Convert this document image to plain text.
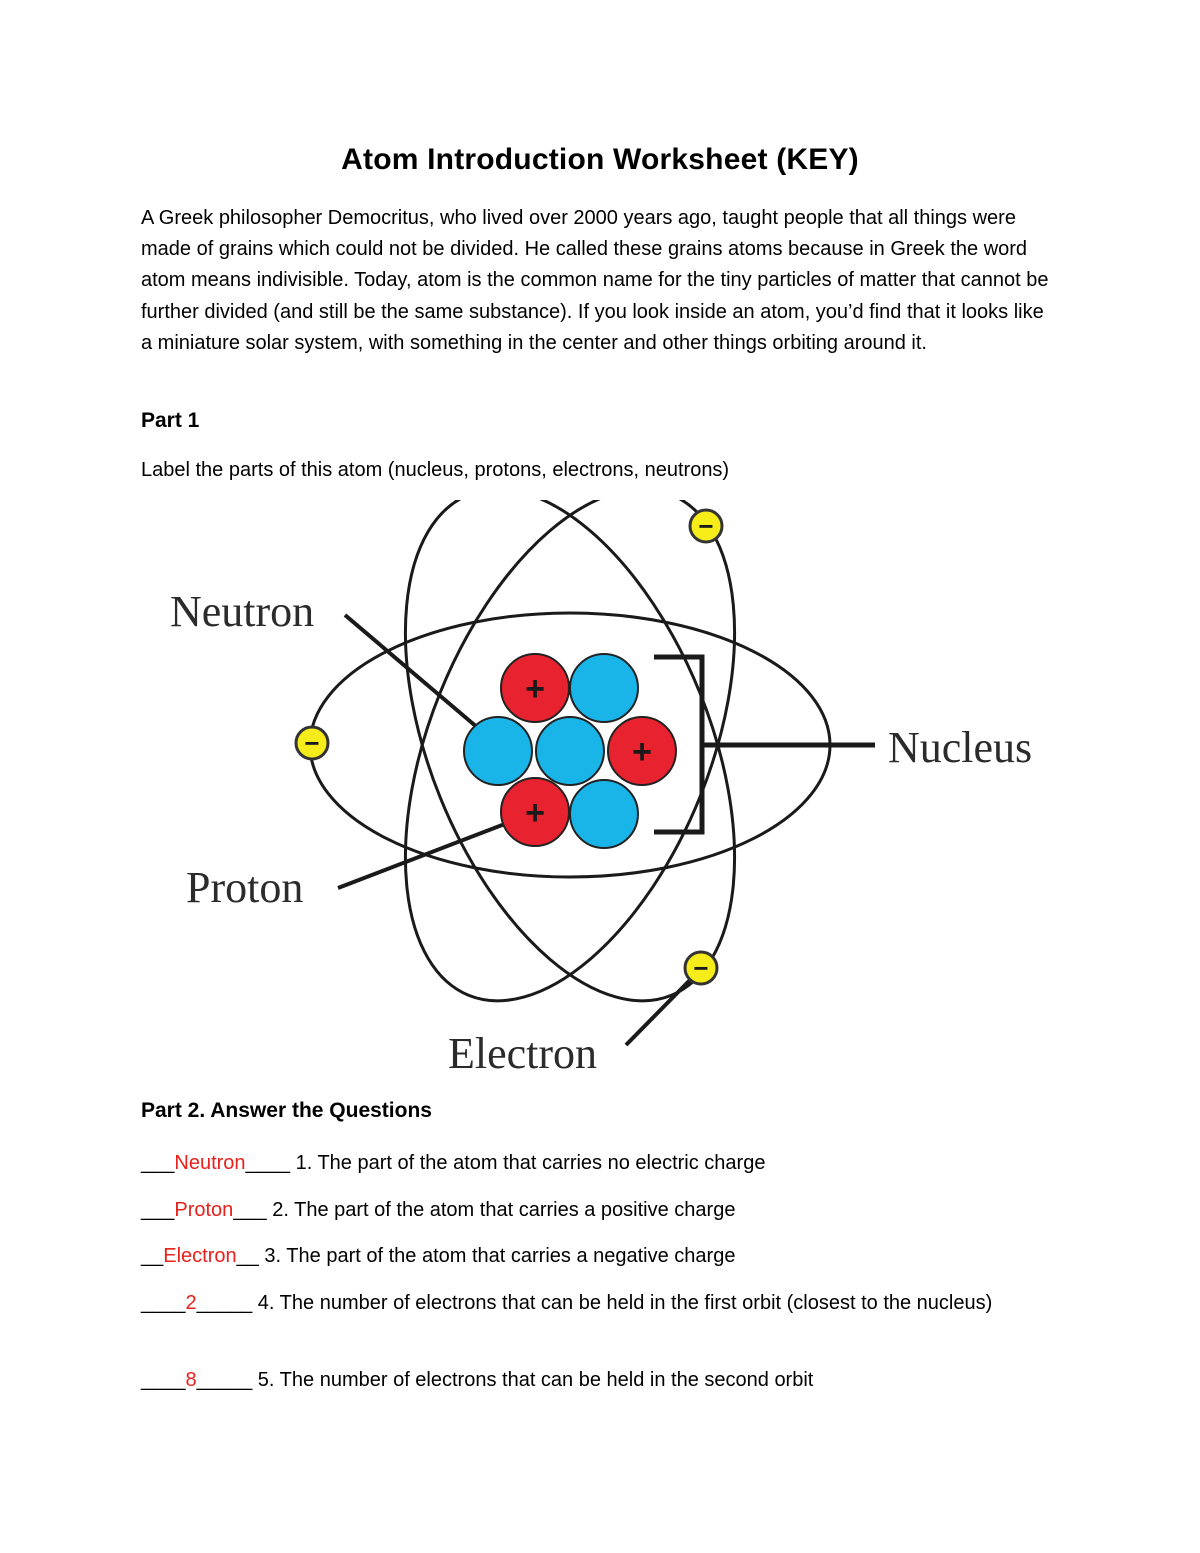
Atom Introduction Worksheet (KEY)

A Greek philosopher Democritus, who lived over 2000 years ago, taught people that all things were made of grains which could not be divided. He called these grains atoms because in Greek the word atom means indivisible. Today, atom is the common name for the tiny particles of matter that cannot be further divided (and still be the same substance). If you look inside an atom, you’d find that it looks like a miniature solar system, with something in the center and other things orbiting around it.

Part 1
Label the parts of this atom (nucleus, protons, electrons, neutrons)
+
+
+
−
−
−
Neutron
Nucleus
Proton
Electron
Part 2. Answer the Questions
___Neutron____ 1. The part of the atom that carries no electric charge
___Proton___ 2. The part of the atom that carries a positive charge
__Electron__ 3. The part of the atom that carries a negative charge
____2_____ 4. The number of electrons that can be held in the first orbit (closest to the nucleus)
____8_____ 5. The number of electrons that can be held in the second orbit
